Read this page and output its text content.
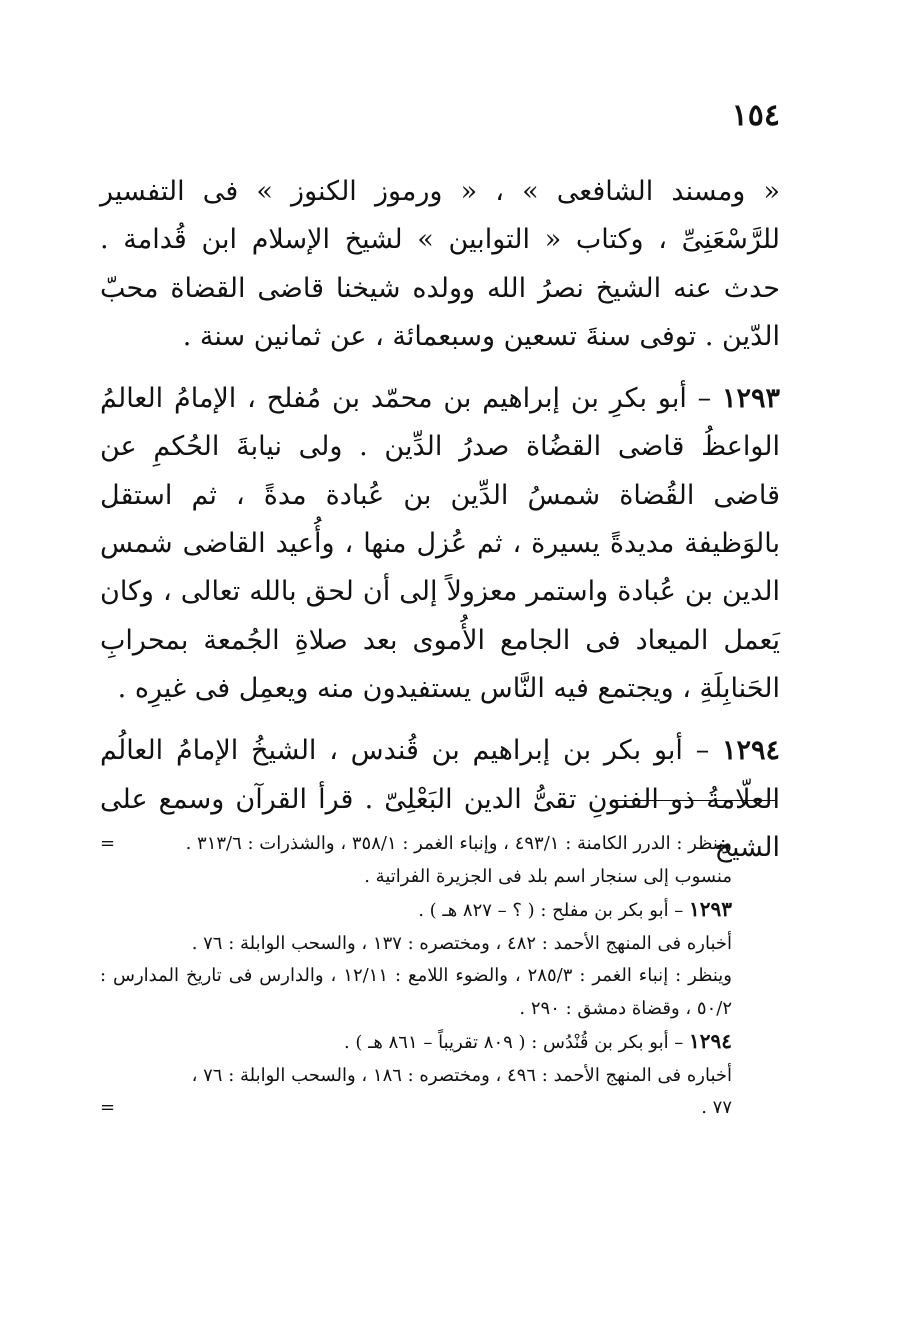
١٥٤

« ومسند الشافعى » ، « ورموز الكنوز » فى التفسير للرَّسْعَنِىِّ ، وكتاب « التوابين » لشيخ الإسلام ابن قُدامة . حدث عنه الشيخ نصرُ الله وولده شيخنا قاضى القضاة محبّ الدّين . توفى سنةَ تسعين وسبعمائة ، عن ثمانين سنة .

١٢٩٣ – أبو بكرِ بن إبراهيم بن محمّد بن مُفلح ، الإمامُ العالمُ الواعظُ قاضى القضُاة صدرُ الدِّين . ولى نيابةَ الحُكمِ عن قاضى القُضاة شمسُ الدِّين بن عُبادة مدةً ، ثم استقل بالوَظيفة مديدةً يسيرة ، ثم عُزل منها ، وأُعيد القاضى شمس الدين بن عُبادة واستمر معزولاً إلى أن لحق بالله تعالى ، وكان يَعمل الميعاد فى الجامع الأُموى بعد صلاةِ الجُمعة بمحرابِ الحَنابِلَةِ ، ويجتمع فيه النَّاس يستفيدون منه ويعمِل فى غيرِه .

١٢٩٤ – أبو بكر بن إبراهيم بن قُندس ، الشيخُ الإمامُ العالُم العلّامةُ ذو الفنونِ تقىُّ الدين البَعْلِىّ . قرأ القرآن وسمع على الشيخ

=	وينظر : الدرر الكامنة : ٤٩٣/١ ، وإنباء الغمر : ٣٥٨/١ ، والشذرات : ٣١٣/٦ .

منسوب إلى سنجار اسم بلد فى الجزيرة الفراتية .

١٢٩٣ – أبو بكر بن مفلح : ( ؟ – ٨٢٧ هـ ) .

أخباره فى المنهج الأحمد : ٤٨٢ ، ومختصره : ١٣٧ ، والسحب الوابلة : ٧٦ .

وينظر : إنباء الغمر : ٢٨٥/٣ ، والضوء اللامع : ١٢/١١ ، والدارس فى تاريخ المدارس : ٥٠/٢ ، وقضاة دمشق : ٢٩٠ .

١٢٩٤ – أبو بكر بن قُنْدُس : ( ٨٠٩ تقريباً – ٨٦١ هـ ) .

أخباره فى المنهج الأحمد : ٤٩٦ ، ومختصره : ١٨٦ ، والسحب الوابلة : ٧٦ ،

=	٧٧ .
